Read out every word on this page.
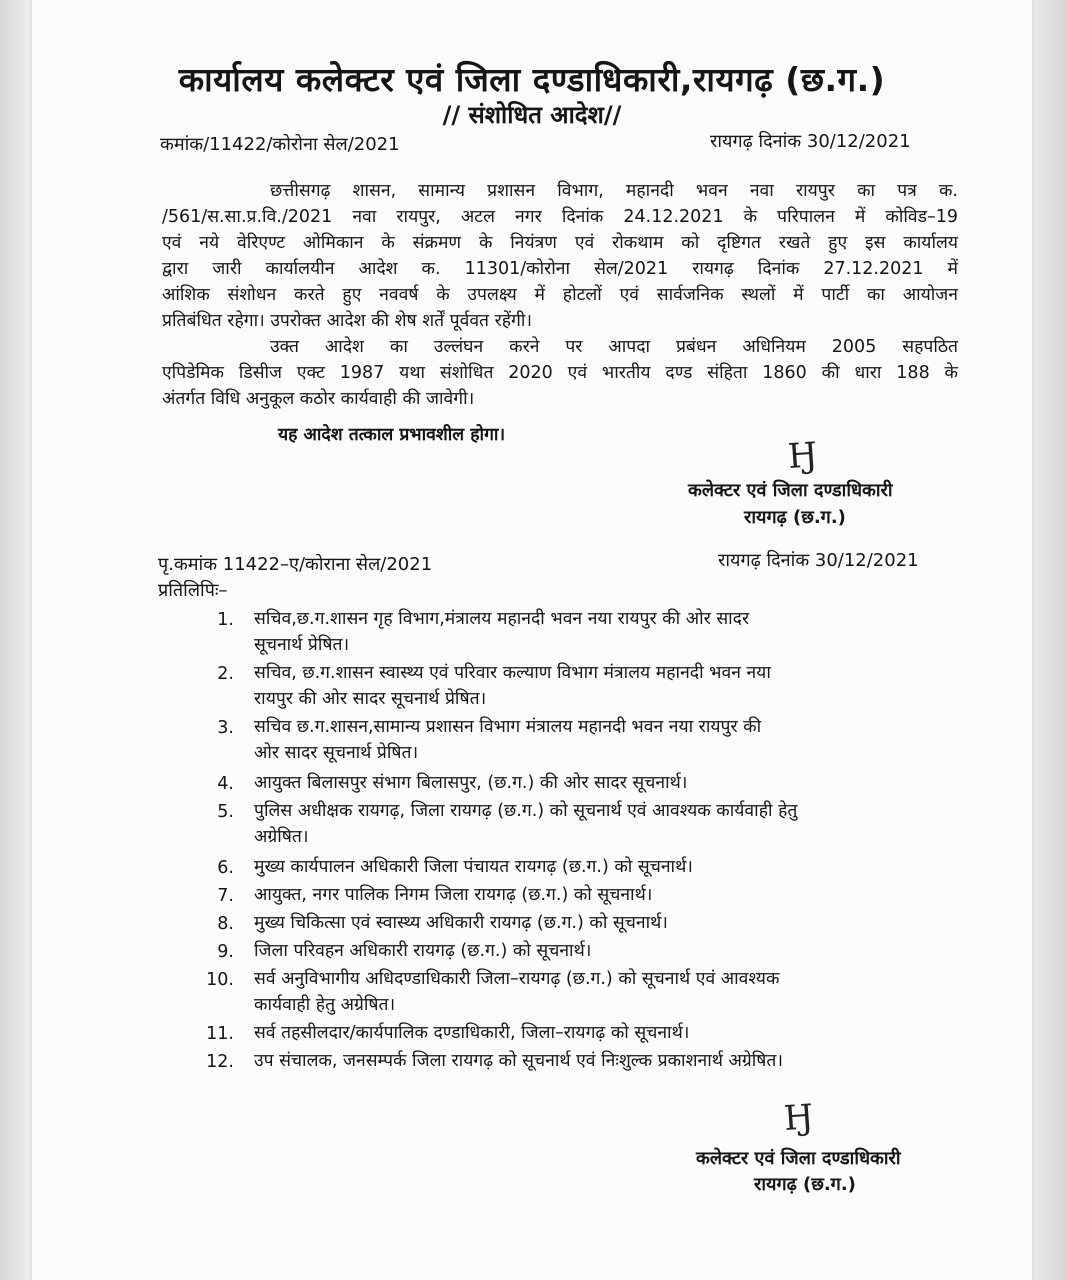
कार्यालय कलेक्टर एवं जिला दण्डाधिकारी,रायगढ़ (छ.ग.)
// संशोधित आदेश//
कमांक/11422/कोरोना सेल/2021	रायगढ़ दिनांक 30/12/2021
छत्तीसगढ़ शासन, सामान्य प्रशासन विभाग, महानदी भवन नवा रायपुर का पत्र क.
/561/स.सा.प्र.वि./2021 नवा रायपुर, अटल नगर दिनांक 24.12.2021 के परिपालन में कोविड–19
एवं नये वेरिएण्ट ओमिकान के संक्रमण के नियंत्रण एवं रोकथाम को दृष्टिगत रखते हुए इस कार्यालय
द्वारा जारी कार्यालयीन आदेश क. 11301/कोरोना सेल/2021 रायगढ़ दिनांक 27.12.2021 में
आंशिक संशोधन करते हुए नववर्ष के उपलक्ष्य में होटलों एवं सार्वजनिक स्थलों में पार्टी का आयोजन
प्रतिबंधित रहेगा। उपरोक्त आदेश की शेष शर्तें पूर्ववत रहेंगी।
उक्त आदेश का उल्लंघन करने पर आपदा प्रबंधन अधिनियम 2005 सहपठित
एपिडेमिक डिसीज एक्ट 1987 यथा संशोधित 2020 एवं भारतीय दण्ड संहिता 1860 की धारा 188 के
अंतर्गत विधि अनुकूल कठोर कार्यवाही की जावेगी।
यह आदेश तत्काल प्रभावशील होगा।
Ӈ
कलेक्टर एवं जिला दण्डाधिकारी
रायगढ़ (छ.ग.)
पृ.कमांक 11422–ए/कोराना सेल/2021	रायगढ़ दिनांक 30/12/2021
प्रतिलिपिः–
1. सचिव,छ.ग.शासन गृह विभाग,मंत्रालय महानदी भवन नया रायपुर की ओर सादर
सूचनार्थ प्रेषित।
2. सचिव, छ.ग.शासन स्वास्थ्य एवं परिवार कल्याण विभाग मंत्रालय महानदी भवन नया
रायपुर की ओर सादर सूचनार्थ प्रेषित।
3. सचिव छ.ग.शासन,सामान्य प्रशासन विभाग मंत्रालय महानदी भवन नया रायपुर की
ओर सादर सूचनार्थ प्रेषित।
4. आयुक्त बिलासपुर संभाग बिलासपुर, (छ.ग.) की ओर सादर सूचनार्थ।
5. पुलिस अधीक्षक रायगढ़, जिला रायगढ़ (छ.ग.) को सूचनार्थ एवं आवश्यक कार्यवाही हेतु
अग्रेषित।
6. मुख्य कार्यपालन अधिकारी जिला पंचायत रायगढ़ (छ.ग.) को सूचनार्थ।
7. आयुक्त, नगर पालिक निगम जिला रायगढ़ (छ.ग.) को सूचनार्थ।
8. मुख्य चिकित्सा एवं स्वास्थ्य अधिकारी रायगढ़ (छ.ग.) को सूचनार्थ।
9. जिला परिवहन अधिकारी रायगढ़ (छ.ग.) को सूचनार्थ।
10. सर्व अनुविभागीय अधिदण्डाधिकारी जिला–रायगढ़ (छ.ग.) को सूचनार्थ एवं आवश्यक
कार्यवाही हेतु अग्रेषित।
11. सर्व तहसीलदार/कार्यपालिक दण्डाधिकारी, जिला–रायगढ़ को सूचनार्थ।
12. उप संचालक, जनसम्पर्क जिला रायगढ़ को सूचनार्थ एवं निःशुल्क प्रकाशनार्थ अग्रेषित।
Ӈ
कलेक्टर एवं जिला दण्डाधिकारी
रायगढ़ (छ.ग.)
